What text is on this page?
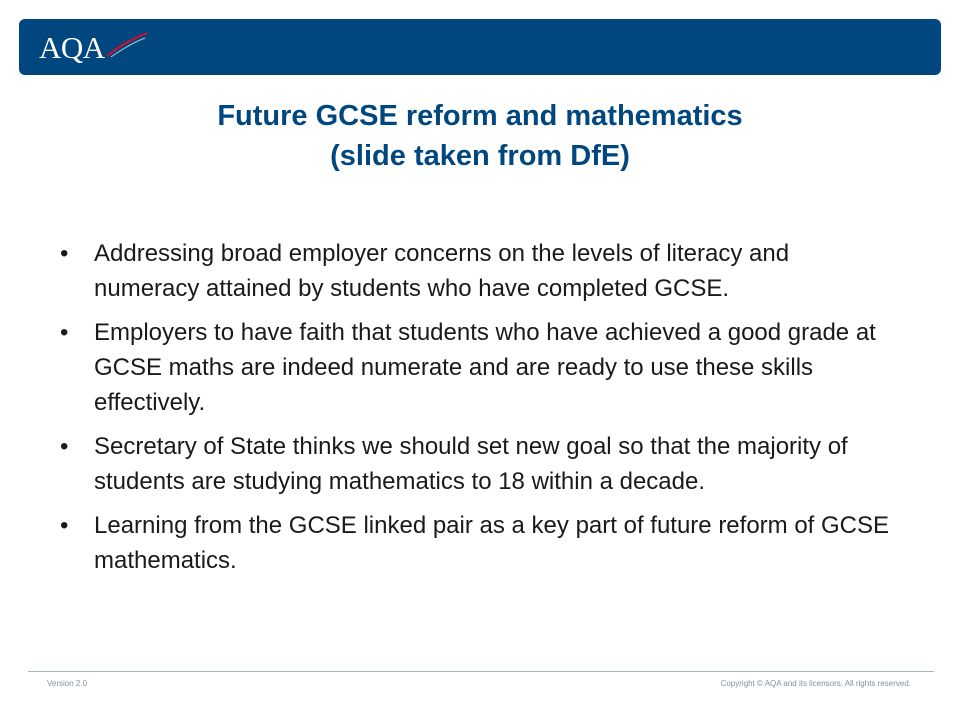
AQA
Future GCSE reform and mathematics
(slide taken from DfE)
• Addressing broad employer concerns on the levels of literacy and numeracy attained by students who have completed GCSE.
• Employers to have faith that students who have achieved a good grade at GCSE maths are indeed numerate and are ready to use these skills effectively.
• Secretary of State thinks we should set new goal so that the majority of students are studying mathematics to 18 within a decade.
• Learning from the GCSE linked pair as a key part of future reform of GCSE mathematics.
Version 2.0	Copyright © AQA and its licensors. All rights reserved.
